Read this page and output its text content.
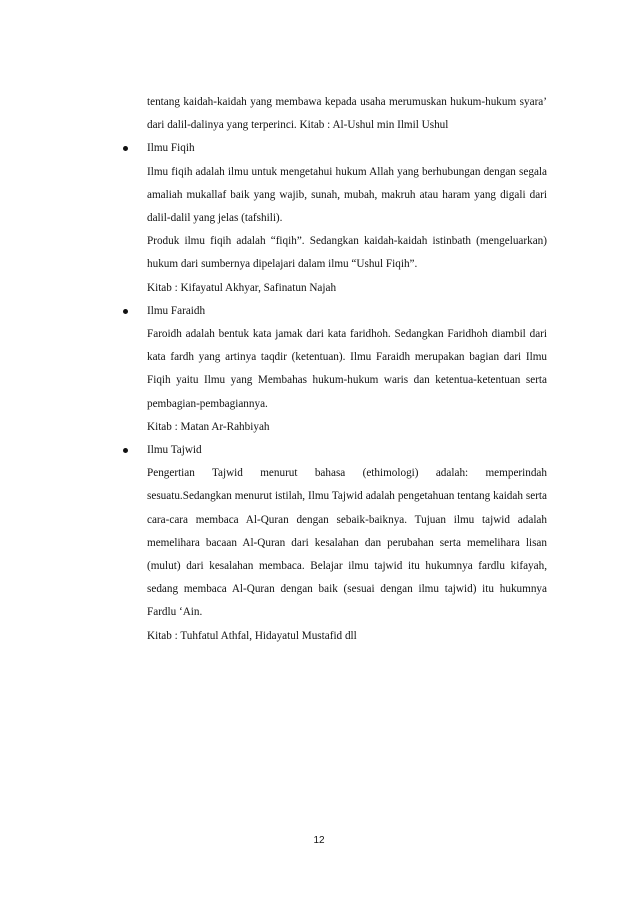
tentang kaidah-kaidah yang membawa kepada usaha merumuskan hukum-hukum syara’ dari dalil-dalinya yang terperinci. Kitab : Al-Ushul min Ilmil Ushul

Ilmu Fiqih

Ilmu fiqih adalah ilmu untuk mengetahui hukum Allah yang berhubungan dengan segala amaliah mukallaf baik yang wajib, sunah, mubah, makruh atau haram yang digali dari dalil-dalil yang jelas (tafshili).

Produk ilmu fiqih adalah “fiqih”. Sedangkan kaidah-kaidah istinbath (mengeluarkan) hukum dari sumbernya dipelajari dalam ilmu “Ushul Fiqih”.

Kitab : Kifayatul Akhyar, Safinatun Najah

Ilmu Faraidh

Faroidh adalah bentuk kata jamak dari kata faridhoh. Sedangkan Faridhoh diambil dari kata fardh yang artinya taqdir (ketentuan). Ilmu Faraidh merupakan bagian dari Ilmu Fiqih yaitu Ilmu yang Membahas hukum-hukum waris dan ketentua-ketentuan serta pembagian-pembagiannya.

Kitab : Matan Ar-Rahbiyah

Ilmu Tajwid

Pengertian Tajwid menurut bahasa (ethimologi) adalah: memperindah sesuatu.Sedangkan menurut istilah, Ilmu Tajwid adalah pengetahuan tentang kaidah serta cara-cara membaca Al-Quran dengan sebaik-baiknya. Tujuan ilmu tajwid adalah memelihara bacaan Al-Quran dari kesalahan dan perubahan serta memelihara lisan (mulut) dari kesalahan membaca. Belajar ilmu tajwid itu hukumnya fardlu kifayah, sedang membaca Al-Quran dengan baik (sesuai dengan ilmu tajwid) itu hukumnya Fardlu ‘Ain.

Kitab : Tuhfatul Athfal, Hidayatul Mustafid dll

12
